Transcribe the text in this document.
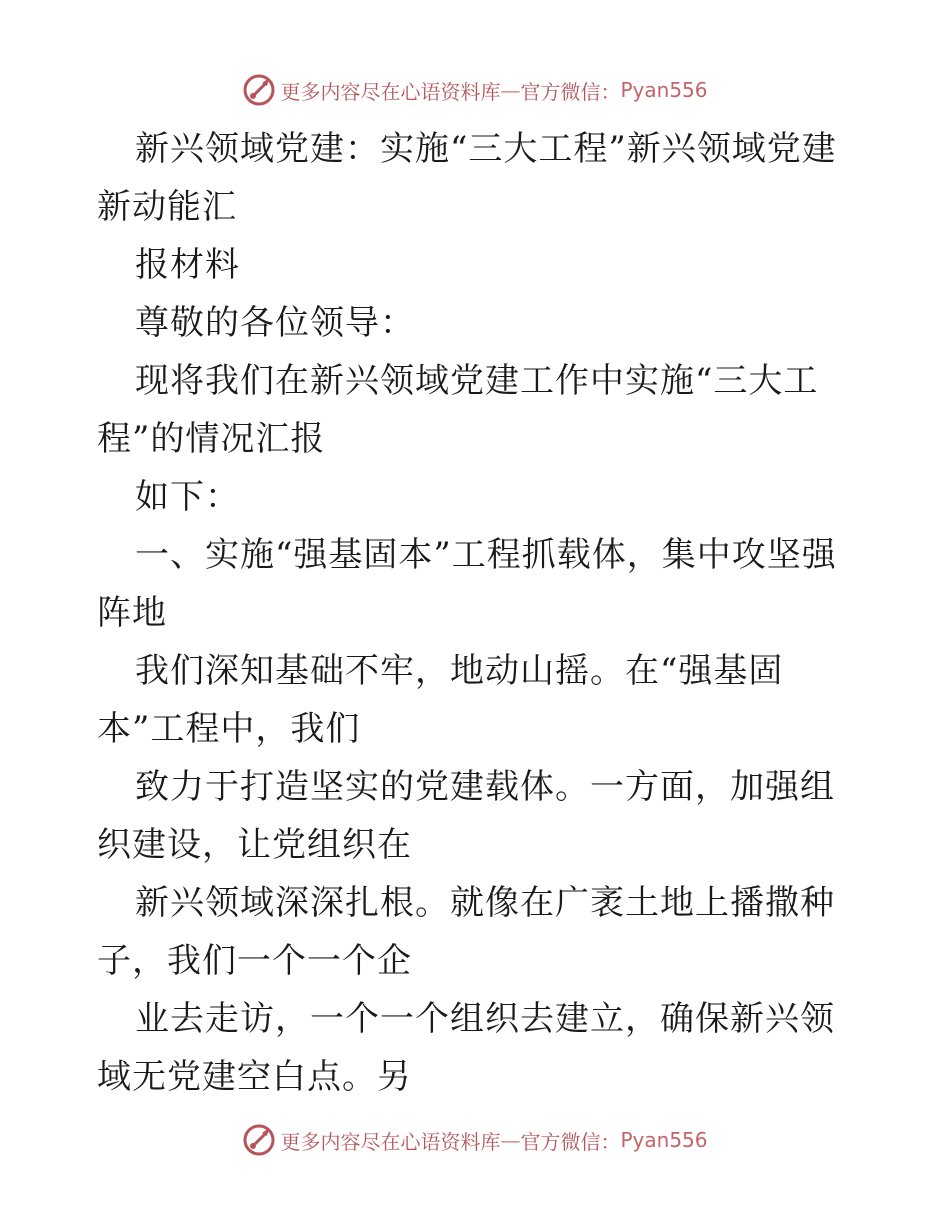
更多内容尽在心语资料库 — 官方微信： Pyan556

新兴领域党建：实施“三大工程”新兴领域党建新动能汇

报材料

尊敬的各位领导：

现将我们在新兴领域党建工作中实施“三大工程”的情况汇报

如下：

一、实施“强基固本”工程抓载体，集中攻坚强阵地

我们深知基础不牢，地动山摇。在“强基固本”工程中，我们

致力于打造坚实的党建载体。一方面，加强组织建设，让党组织在

新兴领域深深扎根。就像在广袤土地上播撒种子，我们一个一个企

业去走访，一个一个组织去建立，确保新兴领域无党建空白点。另

更多内容尽在心语资料库 — 官方微信： Pyan556
